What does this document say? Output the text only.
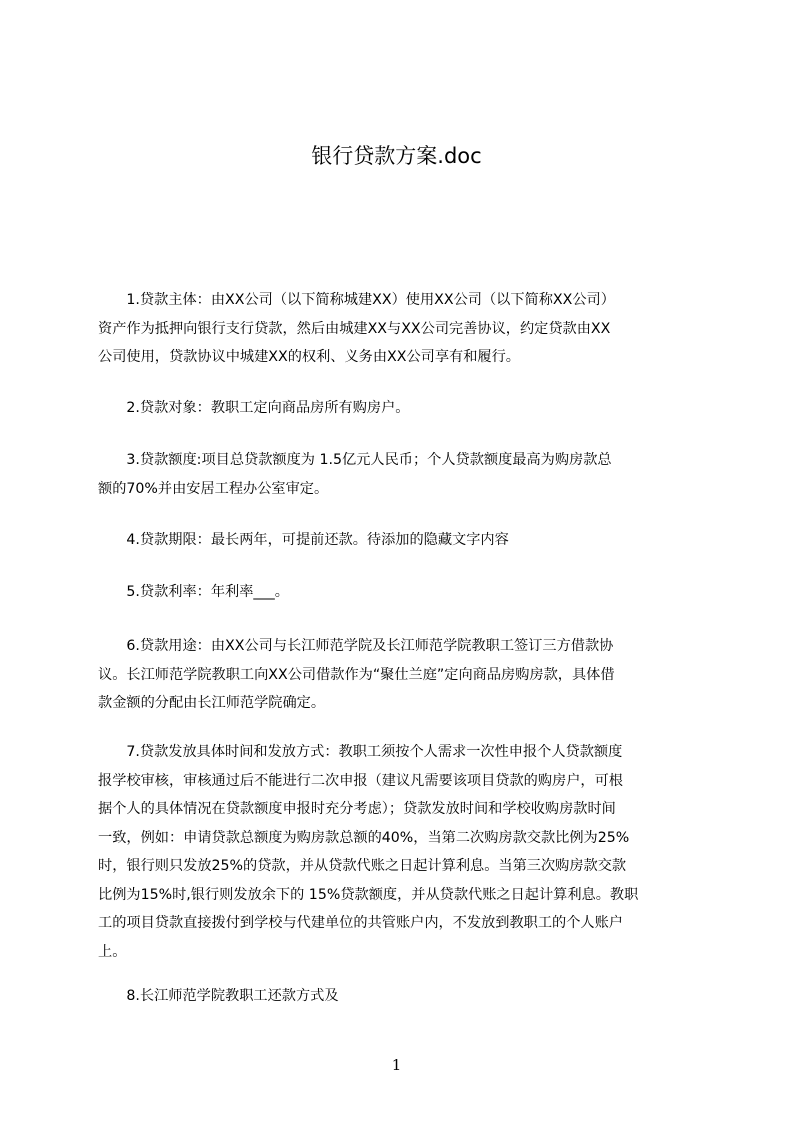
银行贷款方案.doc
　　1.贷款主体：由XX公司（以下简称城建XX）使用XX公司（以下简称XX公司）
资产作为抵押向银行支行贷款，然后由城建XX与XX公司完善协议，约定贷款由XX
公司使用，贷款协议中城建XX的权利、义务由XX公司享有和履行。
　　2.贷款对象：教职工定向商品房所有购房户。
　　3.贷款额度:项目总贷款额度为 1.5亿元人民币；个人贷款额度最高为购房款总
额的70%并由安居工程办公室审定。
　　4.贷款期限：最长两年，可提前还款。待添加的隐藏文字内容
　　5.贷款利率：年利率___。
　　6.贷款用途：由XX公司与长江师范学院及长江师范学院教职工签订三方借款协
议。长江师范学院教职工向XX公司借款作为“聚仕兰庭”定向商品房购房款，具体借
款金额的分配由长江师范学院确定。
　　7.贷款发放具体时间和发放方式：教职工须按个人需求一次性申报个人贷款额度
报学校审核，审核通过后不能进行二次申报（建议凡需要该项目贷款的购房户，可根
据个人的具体情况在贷款额度申报时充分考虑）；贷款发放时间和学校收购房款时间
一致，例如：申请贷款总额度为购房款总额的40%，当第二次购房款交款比例为25%
时，银行则只发放25%的贷款，并从贷款代账之日起计算利息。当第三次购房款交款
比例为15%时,银行则发放余下的 15%贷款额度，并从贷款代账之日起计算利息。教职
工的项目贷款直接拨付到学校与代建单位的共管账户内，不发放到教职工的个人账户
上。
　　8.长江师范学院教职工还款方式及
1
